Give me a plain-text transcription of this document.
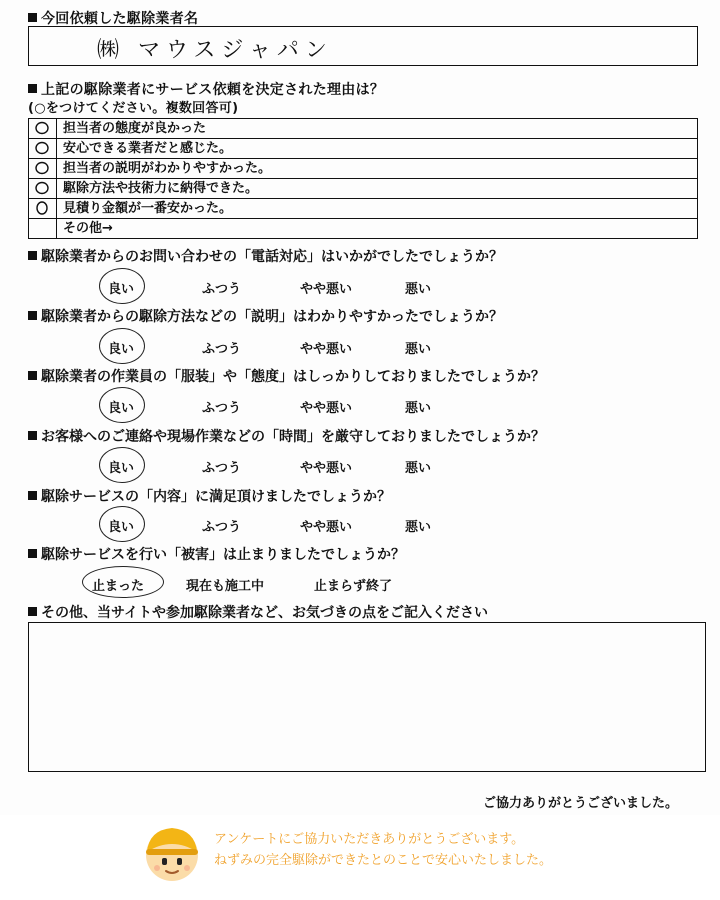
今回依頼した駆除業者名
㈱ マウスジャパン
上記の駆除業者にサービス依頼を決定された理由は？
(○をつけてください。複数回答可)
担当者の態度が良かった
安心できる業者だと感じた。
担当者の説明がわかりやすかった。
駆除方法や技術力に納得できた。
見積り金額が一番安かった。
その他→
駆除業者からのお問い合わせの「電話対応」はいかがでしたでしょうか？
良い	ふつう	やや悪い	悪い
駆除業者からの駆除方法などの「説明」はわかりやすかったでしょうか？
良い	ふつう	やや悪い	悪い
駆除業者の作業員の「服装」や「態度」はしっかりしておりましたでしょうか？
良い	ふつう	やや悪い	悪い
お客様へのご連絡や現場作業などの「時間」を厳守しておりましたでしょうか？
良い	ふつう	やや悪い	悪い
駆除サービスの「内容」に満足頂けましたでしょうか？
良い	ふつう	やや悪い	悪い
駆除サービスを行い「被害」は止まりましたでしょうか？
止まった	現在も施工中	止まらず終了
その他、当サイトや参加駆除業者など、お気づきの点をご記入ください
ご協力ありがとうございました。
アンケートにご協力いただきありがとうございます。
ねずみの完全駆除ができたとのことで安心いたしました。
